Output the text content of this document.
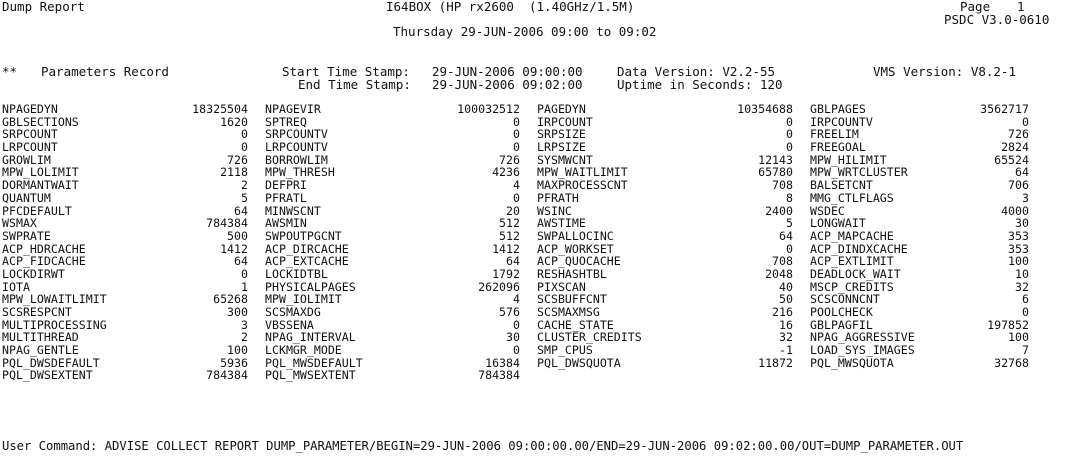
Dump Report	I64BOX (HP rx2600  (1.40GHz/1.5M)	Page 1
PSDC V3.0-0610
Thursday 29-JUN-2006 09:00 to 09:02
** Parameters Record	Start Time Stamp: 29-JUN-2006 09:00:00	Data Version: V2.2-55	VMS Version: V8.2-1
End Time Stamp: 29-JUN-2006 09:02:00	Uptime in Seconds: 120
NPAGEDYN	18325504 NPAGEVIR	100032512 PAGEDYN	10354688 GBLPAGES	3562717
GBLSECTIONS	1620 SPTREQ	0 IRPCOUNT	0 IRPCOUNTV	0
SRPCOUNT	0 SRPCOUNTV	0 SRPSIZE	0 FREELIM	726
LRPCOUNT	0 LRPCOUNTV	0 LRPSIZE	0 FREEGOAL	2824
GROWLIM	726 BORROWLIM	726 SYSMWCNT	12143 MPW_HILIMIT	65524
MPW_LOLIMIT	2118 MPW_THRESH	4236 MPW_WAITLIMIT	65780 MPW_WRTCLUSTER	64
DORMANTWAIT	2 DEFPRI	4 MAXPROCESSCNT	708 BALSETCNT	706
QUANTUM	5 PFRATL	0 PFRATH	8 MMG_CTLFLAGS	3
PFCDEFAULT	64 MINWSCNT	20 WSINC	2400 WSDEC	4000
WSMAX	784384 AWSMIN	512 AWSTIME	5 LONGWAIT	30
SWPRATE	500 SWPOUTPGCNT	512 SWPALLOCINC	64 ACP_MAPCACHE	353
ACP_HDRCACHE	1412 ACP_DIRCACHE	1412 ACP_WORKSET	0 ACP_DINDXCACHE	353
ACP_FIDCACHE	64 ACP_EXTCACHE	64 ACP_QUOCACHE	708 ACP_EXTLIMIT	100
LOCKDIRWT	0 LOCKIDTBL	1792 RESHASHTBL	2048 DEADLOCK_WAIT	10
IOTA	1 PHYSICALPAGES	262096 PIXSCAN	40 MSCP_CREDITS	32
MPW_LOWAITLIMIT	65268 MPW_IOLIMIT	4 SCSBUFFCNT	50 SCSCONNCNT	6
SCSRESPCNT	300 SCSMAXDG	576 SCSMAXMSG	216 POOLCHECK	0
MULTIPROCESSING	3 VBSSENA	0 CACHE_STATE	16 GBLPAGFIL	197852
MULTITHREAD	2 NPAG_INTERVAL	30 CLUSTER_CREDITS	32 NPAG_AGGRESSIVE	100
NPAG_GENTLE	100 LCKMGR_MODE	0 SMP_CPUS	-1 LOAD_SYS_IMAGES	7
PQL_DWSDEFAULT	5936 PQL_MWSDEFAULT	16384 PQL_DWSQUOTA	11872 PQL_MWSQUOTA	32768
PQL_DWSEXTENT	784384 PQL_MWSEXTENT	784384
User Command: ADVISE COLLECT REPORT DUMP_PARAMETER/BEGIN=29-JUN-2006 09:00:00.00/END=29-JUN-2006 09:02:00.00/OUT=DUMP_PARAMETER.OUT
